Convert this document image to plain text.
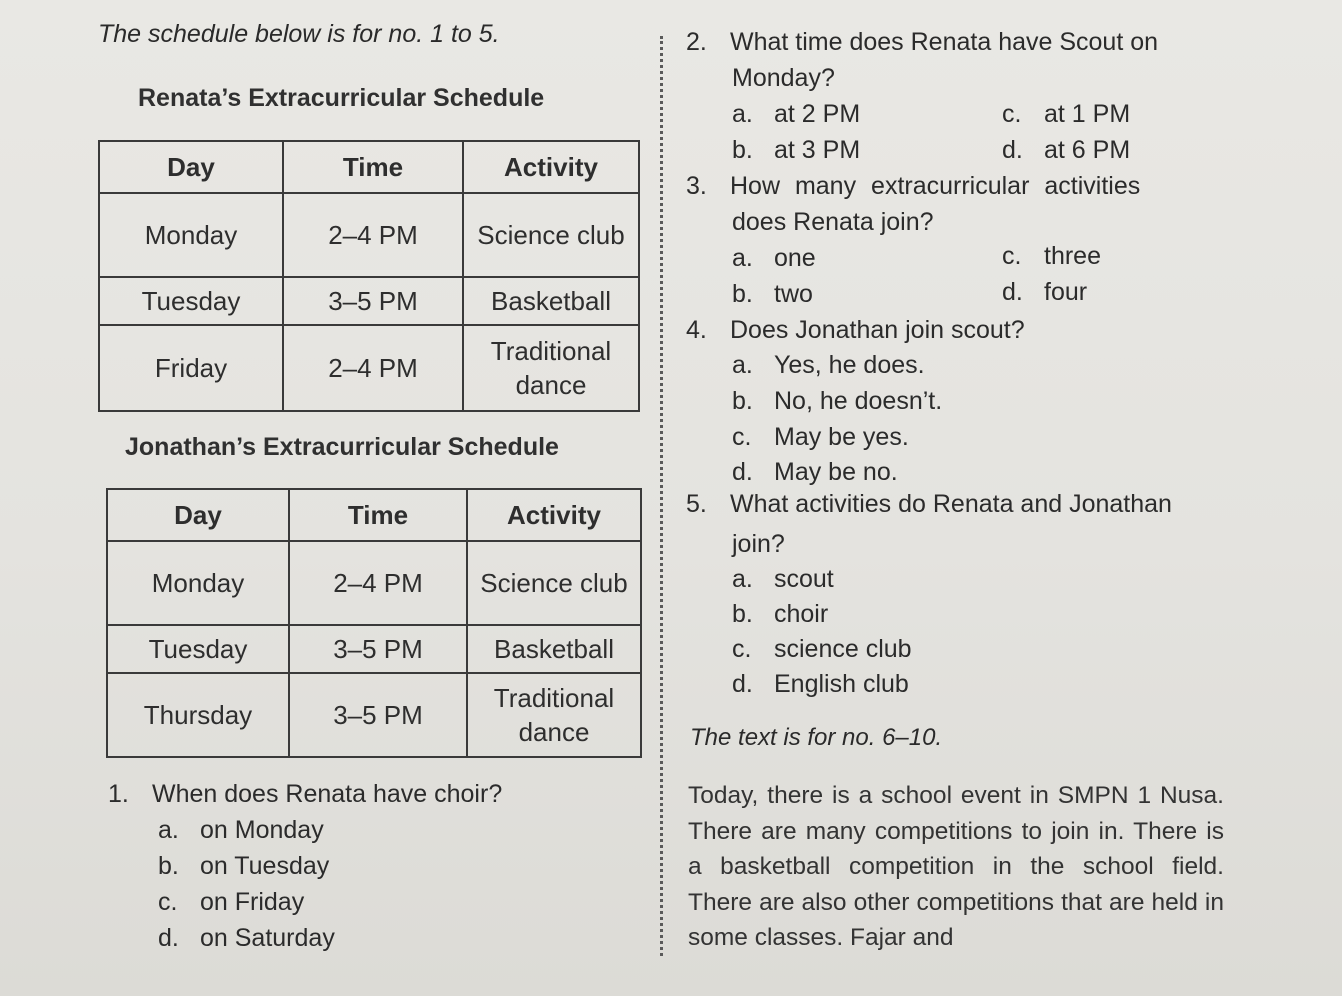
The schedule below is for no. 1 to 5.
Renata’s Extracurricular Schedule
Day	Time	Activity
Monday	2–4 PM	Science club
Tuesday	3–5 PM	Basketball
Friday	2–4 PM	Traditional dance
Jonathan’s Extracurricular Schedule
Day	Time	Activity
Monday	2–4 PM	Science club
Tuesday	3–5 PM	Basketball
Thursday	3–5 PM	Traditional dance
1. When does Renata have choir?
a. on Monday
b. on Tuesday
c. on Friday
d. on Saturday
2. What time does Renata have Scout on
Monday?
a. at 2 PM
b. at 3 PM
c. at 1 PM
d. at 6 PM
3. How many extracurricular activities
does Renata join?
a. one
b. two
c. three
d. four
4. Does Jonathan join scout?
a. Yes, he does.
b. No, he doesn’t.
c. May be yes.
d. May be no.
5. What activities do Renata and Jonathan
join?
a. scout
b. choir
c. science club
d. English club
The text is for no. 6–10.
Today, there is a school event in SMPN 1 Nusa. There are many competitions to join in. There is a basketball competition in the school field. There are also other competitions that are held in some classes. Fajar and
